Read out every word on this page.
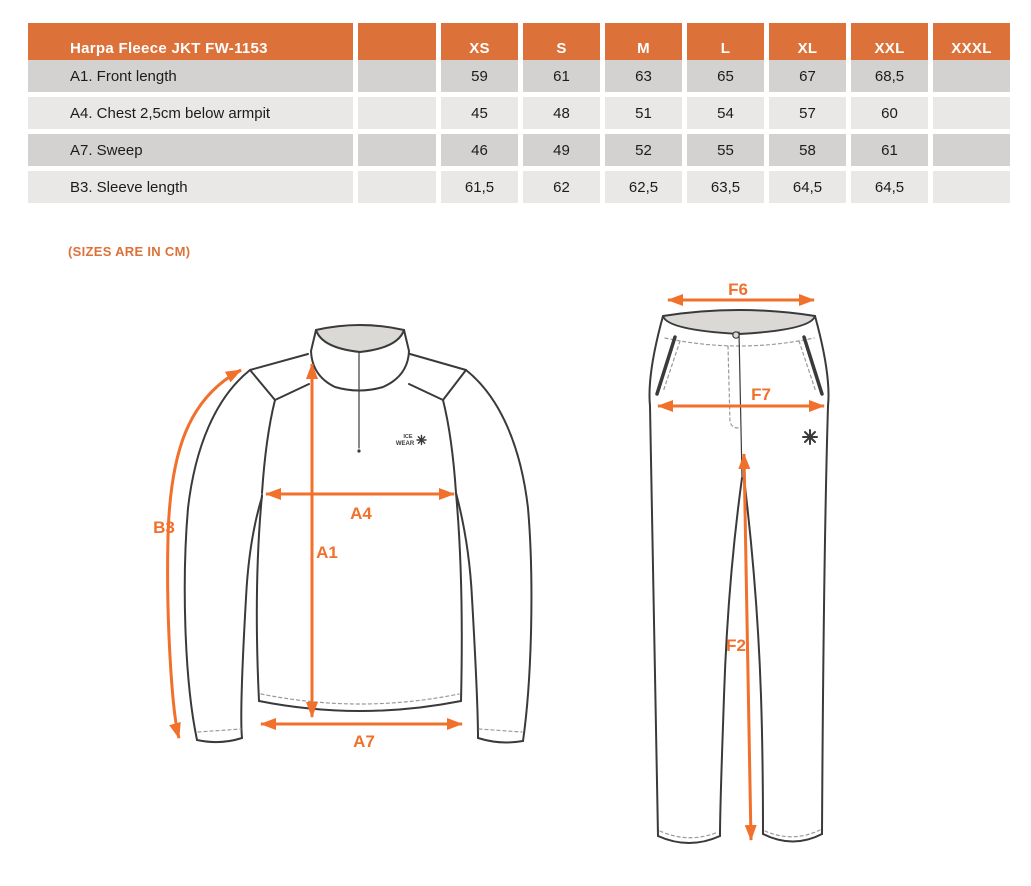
Harpa Fleece JKT FW-1153	XS	S	M	L	XL	XXL	XXXL
A1. Front length	59	61	63	65	67	68,5
A4. Chest 2,5cm below armpit	45	48	51	54	57	60
A7. Sweep	46	49	52	55	58	61
B3. Sleeve length	61,5	62	62,5	63,5	64,5	64,5
(SIZES ARE IN CM)
ICE
WEAR
B3
A4
A1
A7
F6
F7
F2
